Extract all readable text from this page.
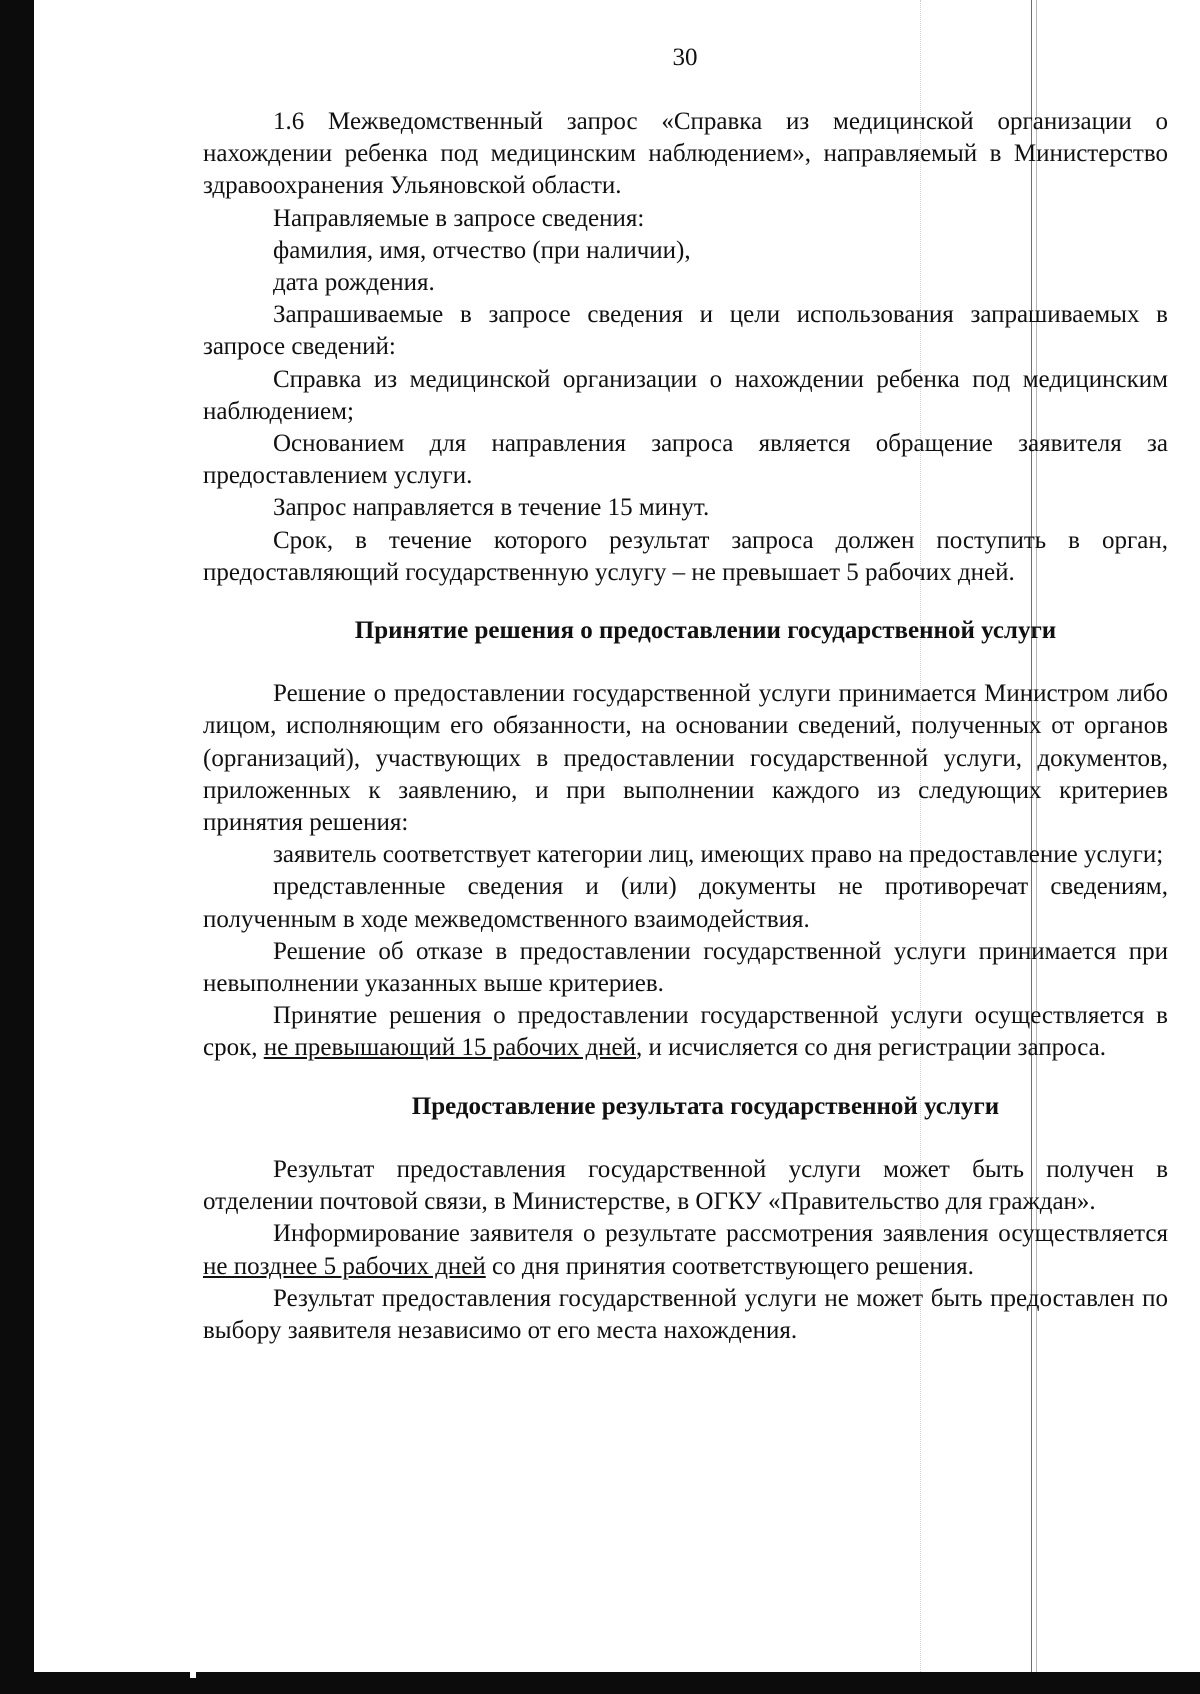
30

1.6 Межведомственный запрос «Справка из медицинской организации о нахождении ребенка под медицинским наблюдением», направляемый в Министерство здравоохранения Ульяновской области.

Направляемые в запросе сведения:

фамилия, имя, отчество (при наличии),

дата рождения.

Запрашиваемые в запросе сведения и цели использования запрашиваемых в запросе сведений:

Справка из медицинской организации о нахождении ребенка под медицинским наблюдением;

Основанием для направления запроса является обращение заявителя за предоставлением услуги.

Запрос направляется в течение 15 минут.

Срок, в течение которого результат запроса должен поступить в орган, предоставляющий государственную услугу – не превышает 5 рабочих дней.

Принятие решения о предоставлении государственной услуги

Решение о предоставлении государственной услуги принимается Министром либо лицом, исполняющим его обязанности, на основании сведений, полученных от органов (организаций), участвующих в предоставлении государственной услуги, документов, приложенных к заявлению, и при выполнении каждого из следующих критериев принятия решения:

заявитель соответствует категории лиц, имеющих право на предоставление услуги;

представленные сведения и (или) документы не противоречат сведениям, полученным в ходе межведомственного взаимодействия.

Решение об отказе в предоставлении государственной услуги принимается при невыполнении указанных выше критериев.

Принятие решения о предоставлении государственной услуги осуществляется в срок, не превышающий 15 рабочих дней, и исчисляется со дня регистрации запроса.

Предоставление результата государственной услуги

Результат предоставления государственной услуги может быть получен в отделении почтовой связи, в Министерстве, в ОГКУ «Правительство для граждан».

Информирование заявителя о результате рассмотрения заявления осуществляется не позднее 5 рабочих дней со дня принятия соответствующего решения.

Результат предоставления государственной услуги не может быть предоставлен по выбору заявителя независимо от его места нахождения.
